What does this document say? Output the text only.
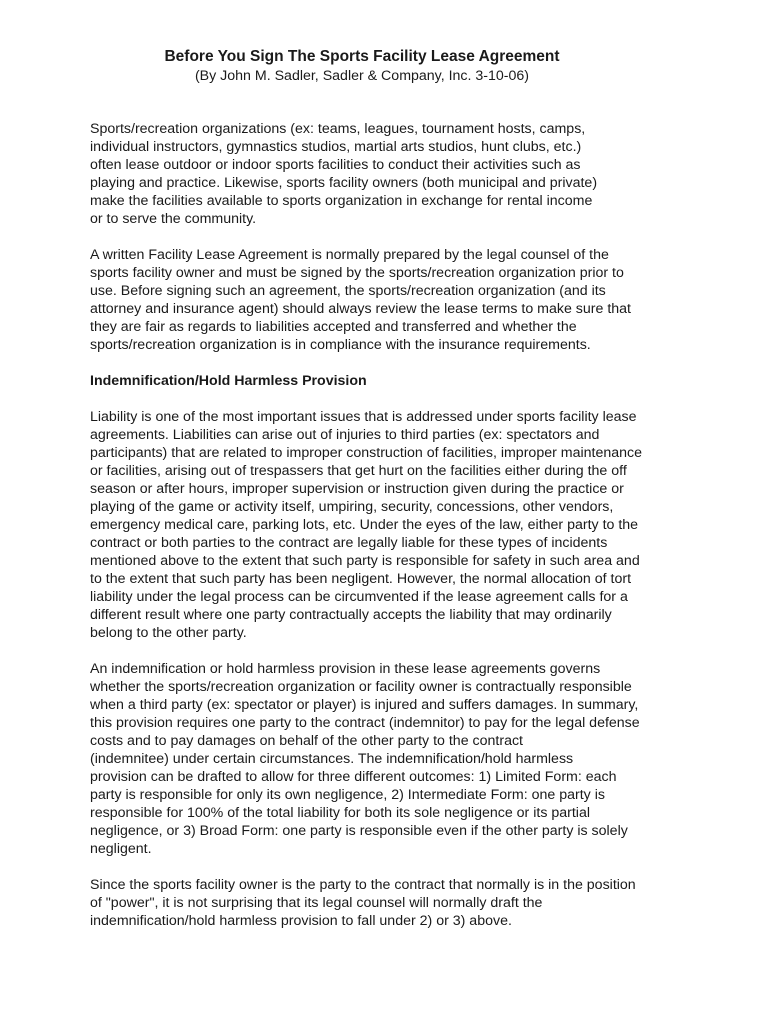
Before You Sign The Sports Facility Lease Agreement

(By John M. Sadler, Sadler & Company, Inc. 3-10-06)

Sports/recreation organizations (ex: teams, leagues, tournament hosts, camps,
individual instructors, gymnastics studios, martial arts studios, hunt clubs, etc.)
often lease outdoor or indoor sports facilities to conduct their activities such as
playing and practice. Likewise, sports facility owners (both municipal and private)
make the facilities available to sports organization in exchange for rental income
or to serve the community.
A written Facility Lease Agreement is normally prepared by the legal counsel of the
sports facility owner and must be signed by the sports/recreation organization prior to
use. Before signing such an agreement, the sports/recreation organization (and its
attorney and insurance agent) should always review the lease terms to make sure that
they are fair as regards to liabilities accepted and transferred and whether the
sports/recreation organization is in compliance with the insurance requirements.
Indemnification/Hold Harmless Provision
Liability is one of the most important issues that is addressed under sports facility lease
agreements. Liabilities can arise out of injuries to third parties (ex: spectators and
participants) that are related to improper construction of facilities, improper maintenance
or facilities, arising out of trespassers that get hurt on the facilities either during the off
season or after hours, improper supervision or instruction given during the practice or
playing of the game or activity itself, umpiring, security, concessions, other vendors,
emergency medical care, parking lots, etc. Under the eyes of the law, either party to the
contract or both parties to the contract are legally liable for these types of incidents
mentioned above to the extent that such party is responsible for safety in such area and
to the extent that such party has been negligent. However, the normal allocation of tort
liability under the legal process can be circumvented if the lease agreement calls for a
different result where one party contractually accepts the liability that may ordinarily
belong to the other party.
An indemnification or hold harmless provision in these lease agreements governs
whether the sports/recreation organization or facility owner is contractually responsible
when a third party (ex: spectator or player) is injured and suffers damages. In summary,
this provision requires one party to the contract (indemnitor) to pay for the legal defense
costs and to pay damages on behalf of the other party to the contract
(indemnitee) under certain circumstances. The indemnification/hold harmless
provision can be drafted to allow for three different outcomes: 1) Limited Form: each
party is responsible for only its own negligence, 2) Intermediate Form: one party is
responsible for 100% of the total liability for both its sole negligence or its partial
negligence, or 3) Broad Form: one party is responsible even if the other party is solely
negligent.
Since the sports facility owner is the party to the contract that normally is in the position
of "power", it is not surprising that its legal counsel will normally draft the
indemnification/hold harmless provision to fall under 2) or 3) above.
